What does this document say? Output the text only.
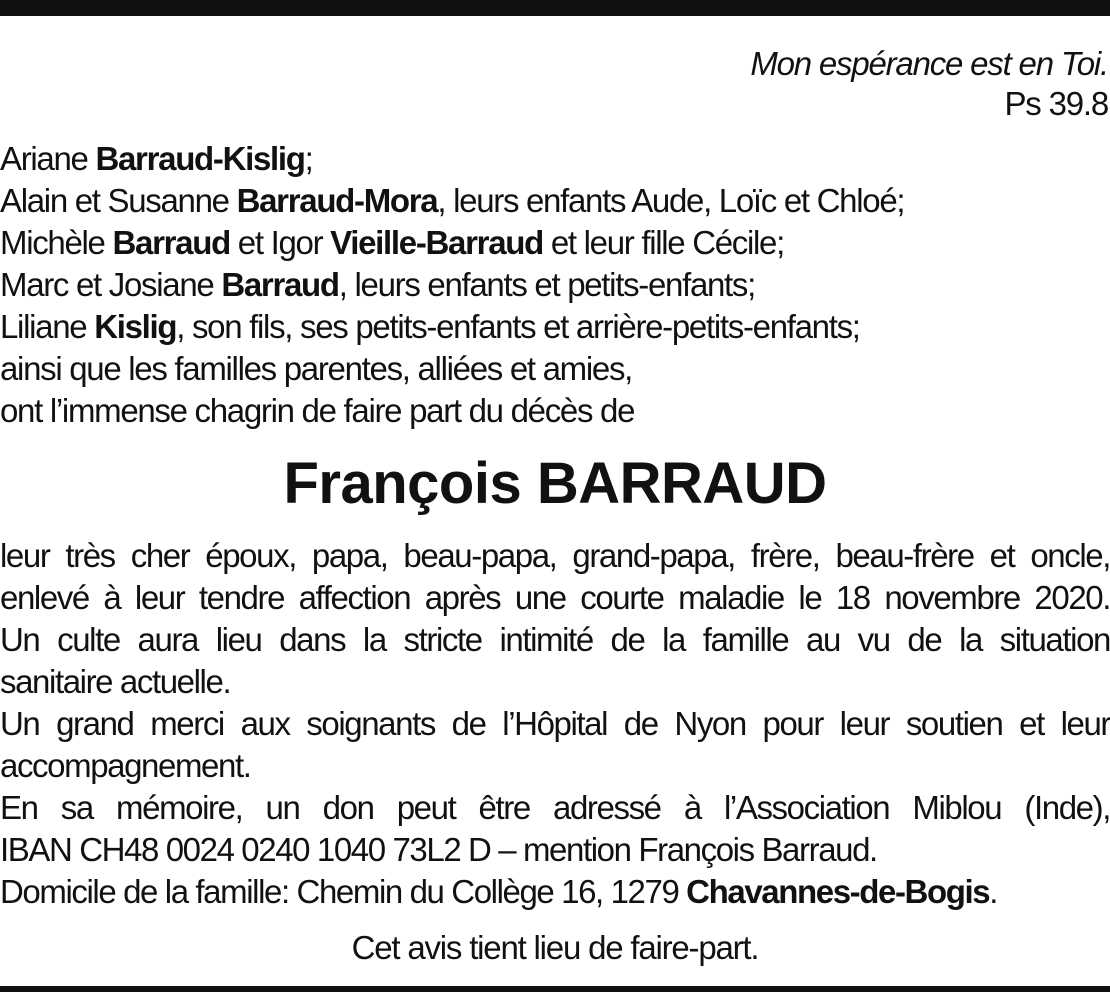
Mon espérance est en Toi.
Ps 39.8
Ariane Barraud-Kislig;
Alain et Susanne Barraud-Mora, leurs enfants Aude, Loïc et Chloé;
Michèle Barraud et Igor Vieille-Barraud et leur fille Cécile;
Marc et Josiane Barraud, leurs enfants et petits-enfants;
Liliane Kislig, son fils, ses petits-enfants et arrière-petits-enfants;
ainsi que les familles parentes, alliées et amies,
ont l’immense chagrin de faire part du décès de
François BARRAUD
leur très cher époux, papa, beau-papa, grand-papa, frère, beau-frère et oncle,
enlevé à leur tendre affection après une courte maladie le 18 novembre 2020.
Un culte aura lieu dans la stricte intimité de la famille au vu de la situation
sanitaire actuelle.
Un grand merci aux soignants de l’Hôpital de Nyon pour leur soutien et leur
accompagnement.
En sa mémoire, un don peut être adressé à l’Association Miblou (Inde),
IBAN CH48 0024 0240 1040 73L2 D – mention François Barraud.
Domicile de la famille: Chemin du Collège 16, 1279 Chavannes-de-Bogis.
Cet avis tient lieu de faire-part.
